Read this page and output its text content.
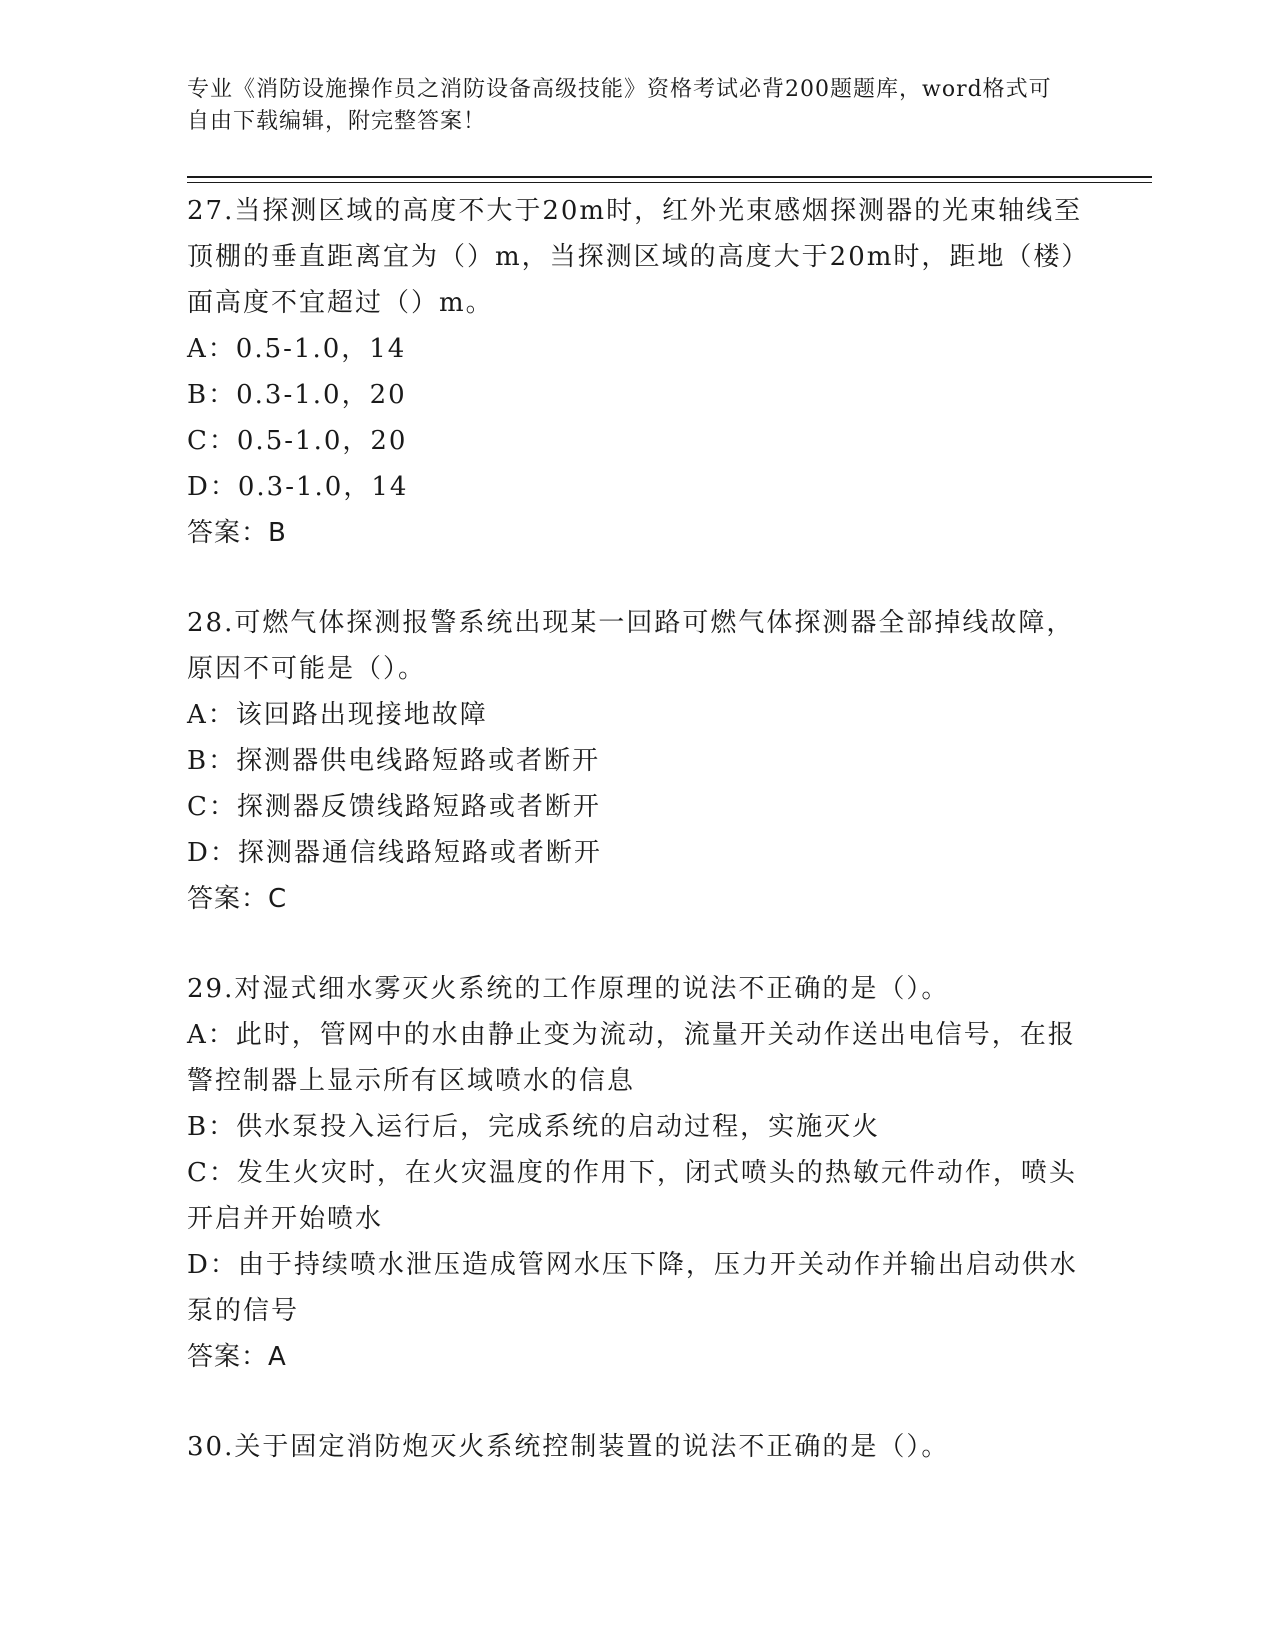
专业《消防设施操作员之消防设备高级技能》资格考试必背200题题库，word格式可自由下载编辑，附完整答案！

27.当探测区域的高度不大于20m时，红外光束感烟探测器的光束轴线至顶棚的垂直距离宜为（）m，当探测区域的高度大于20m时，距地（楼）面高度不宜超过（）m。

A：0.5-1.0，14

B：0.3-1.0，20

C：0.5-1.0，20

D：0.3-1.0，14

答案：B

28.可燃气体探测报警系统出现某一回路可燃气体探测器全部掉线故障，原因不可能是（）。

A：该回路出现接地故障

B：探测器供电线路短路或者断开

C：探测器反馈线路短路或者断开

D：探测器通信线路短路或者断开

答案：C

29.对湿式细水雾灭火系统的工作原理的说法不正确的是（）。

A：此时，管网中的水由静止变为流动，流量开关动作送出电信号，在报警控制器上显示所有区域喷水的信息

B：供水泵投入运行后，完成系统的启动过程，实施灭火

C：发生火灾时，在火灾温度的作用下，闭式喷头的热敏元件动作，喷头开启并开始喷水

D：由于持续喷水泄压造成管网水压下降，压力开关动作并输出启动供水泵的信号

答案：A

30.关于固定消防炮灭火系统控制装置的说法不正确的是（）。
